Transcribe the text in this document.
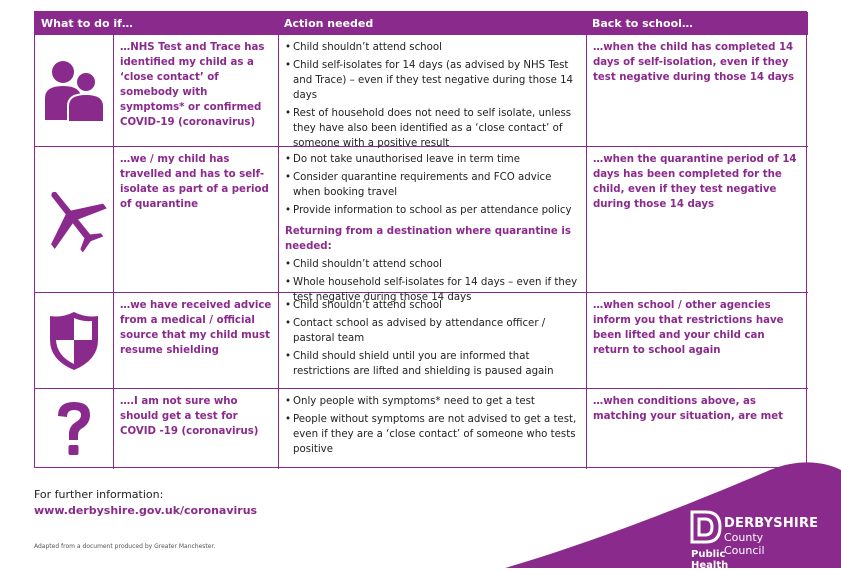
What to do if…	Action needed	Back to school…
…NHS Test and Trace has identified my child as a ‘close contact’ of somebody with symptoms* or confirmed COVID-19 (coronavirus)
• Child shouldn’t attend school
• Child self-isolates for 14 days (as advised by NHS Test and Trace) – even if they test negative during those 14 days
• Rest of household does not need to self isolate, unless they have also been identified as a ‘close contact’ of someone with a positive result
…when the child has completed 14 days of self-isolation, even if they test negative during those 14 days
…we / my child has travelled and has to self-isolate as part of a period of quarantine
• Do not take unauthorised leave in term time
• Consider quarantine requirements and FCO advice when booking travel
• Provide information to school as per attendance policy
Returning from a destination where quarantine is needed:
• Child shouldn’t attend school
• Whole household self-isolates for 14 days – even if they test negative during those 14 days
…when the quarantine period of 14 days has been completed for the child, even if they test negative during those 14 days
…we have received advice from a medical / official source that my child must resume shielding
• Child shouldn’t attend school
• Contact school as advised by attendance officer / pastoral team
• Child should shield until you are informed that restrictions are lifted and shielding is paused again
…when school / other agencies inform you that restrictions have been lifted and your child can return to school again
….I am not sure who should get a test for COVID -19 (coronavirus)
• Only people with symptoms* need to get a test
• People without symptoms are not advised to get a test, even if they are a ‘close contact’ of someone who tests positive
…when conditions above, as matching your situation, are met
For further information:
www.derbyshire.gov.uk/coronavirus
Adapted from a document produced by Greater Manchester.
DERBYSHIRE
County Council
Public Health
